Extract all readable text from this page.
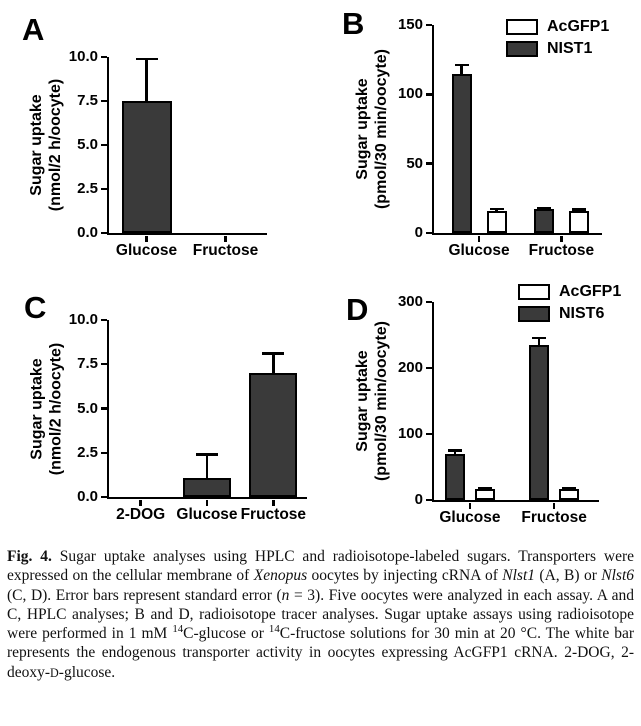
A
Sugar uptake (nmol/2 h/oocyte)
0.0
2.5
5.0
7.5
10.0
Glucose	Fructose
B
Sugar uptake (pmol/30 min/oocyte)
0
50
100
150
Glucose	Fructose
AcGFP1
NIST1
C
Sugar uptake (nmol/2 h/oocyte)
0.0
2.5
5.0
7.5
10.0
2-DOG Glucose Fructose
D
Sugar uptake (pmol/30 min/oocyte)
0
100
200
300
Glucose	Fructose
AcGFP1
NIST6
Fig. 4. Sugar uptake analyses using HPLC and radioisotope-labeled sugars. Transporters were expressed on the cellular membrane of Xenopus oocytes by injecting cRNA of Nlst1 (A, B) or Nlst6 (C, D). Error bars represent standard error (n = 3). Five oocytes were analyzed in each assay. A and C, HPLC analyses; B and D, radioisotope tracer analyses. Sugar uptake assays using radioisotope were performed in 1 mM $^{14}$C-glucose or $^{14}$C-fructose solutions for 30 min at 20 °C. The white bar represents the endogenous transporter activity in oocytes expressing AcGFP1 cRNA. 2-DOG, 2-deoxy-D-glucose.
